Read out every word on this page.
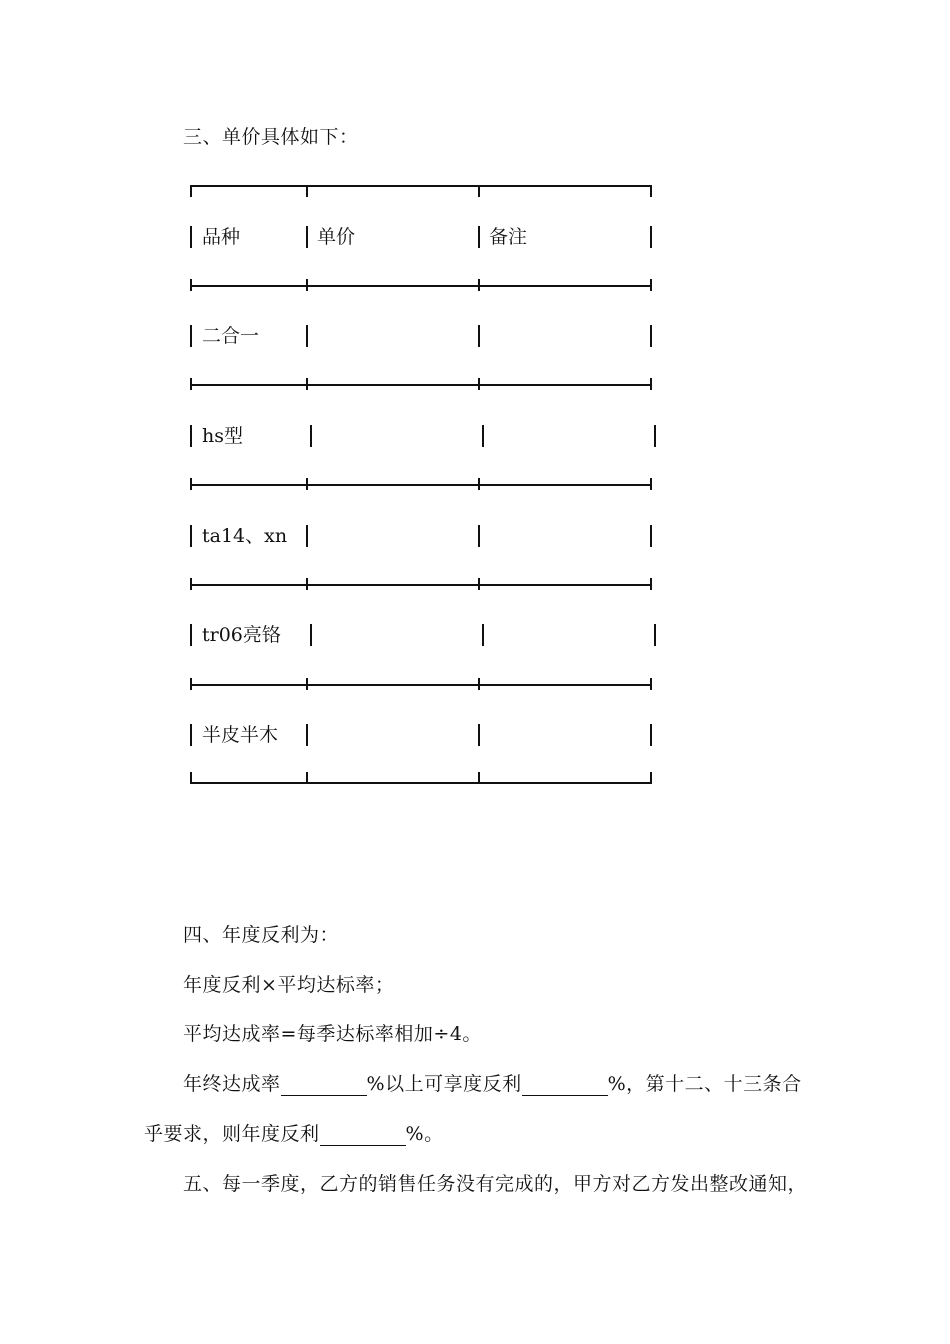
三、单价具体如下：
品种	单价	备注
二合一
hs型
ta14、xn
tr06亮铬
半皮半木
四、年度反利为：
年度反利×平均达标率；
平均达成率=每季达标率相加÷4。
年终达成率	%以上可享度反利	%，第十二、十三条合
乎要求，则年度反利	%。
五、每一季度，乙方的销售任务没有完成的，甲方对乙方发出整改通知，
